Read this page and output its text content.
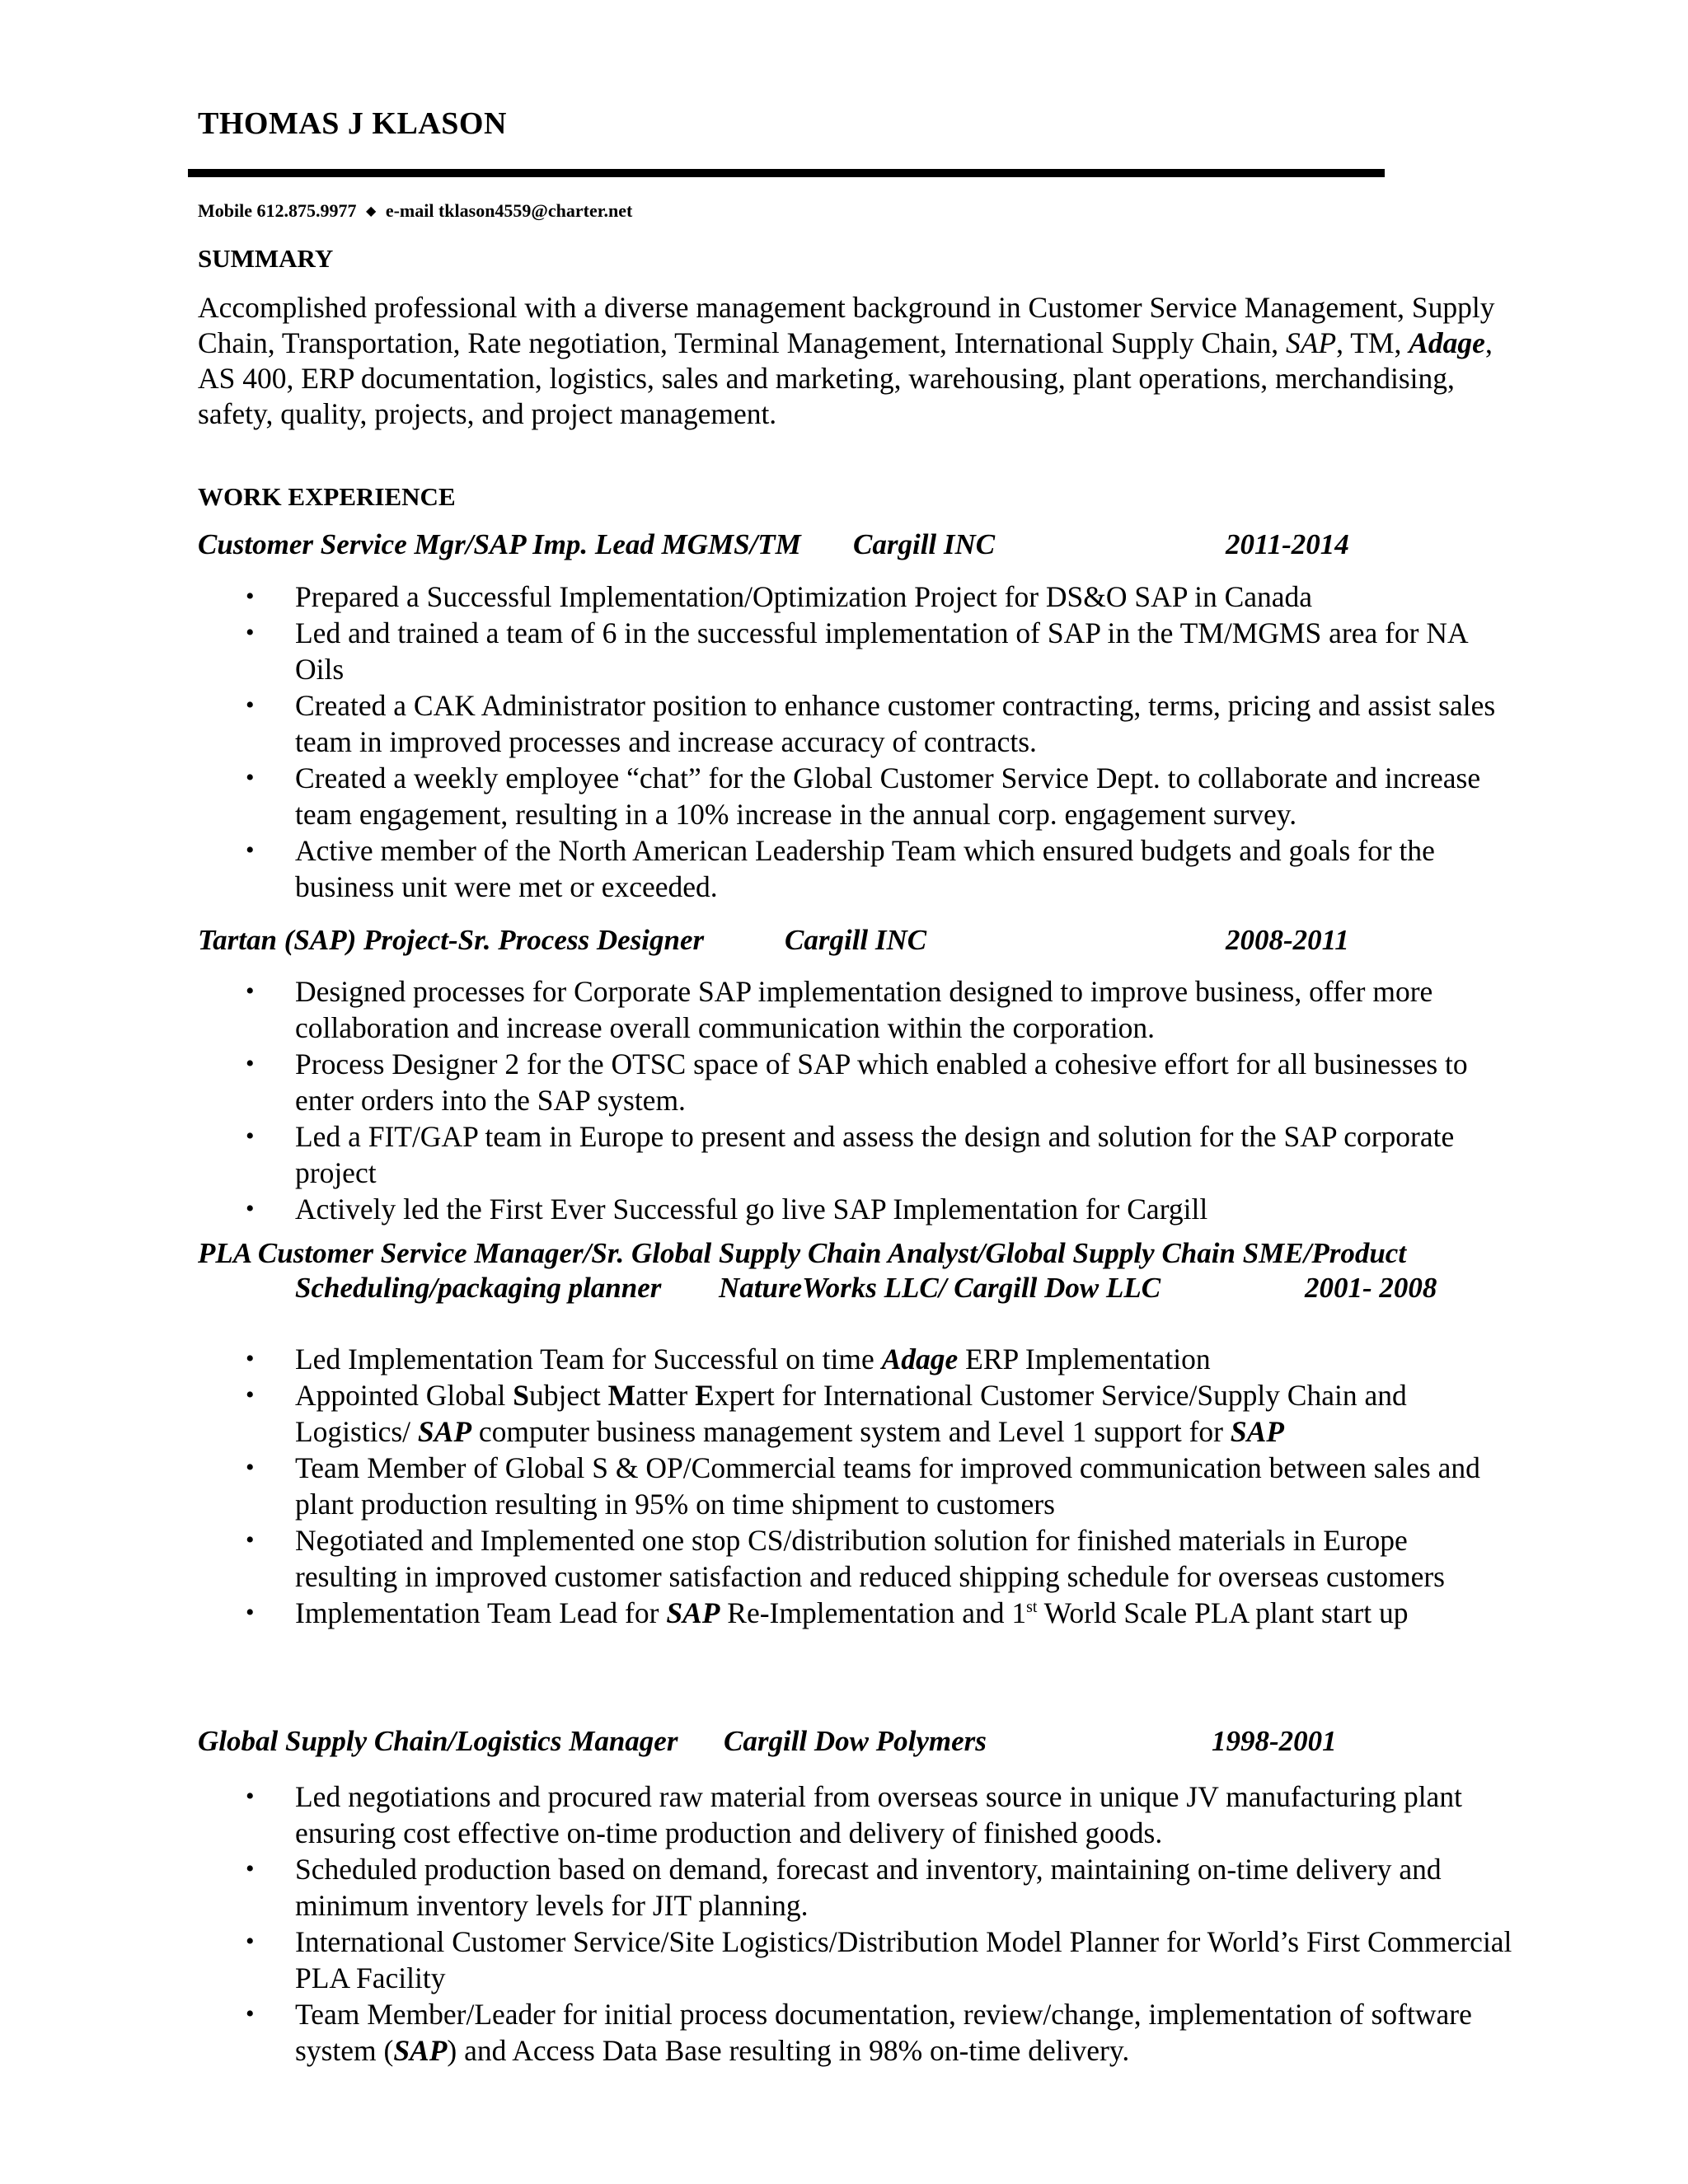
THOMAS J KLASON
Mobile 612.875.9977 ◆ e-mail tklason4559@charter.net
SUMMARY
Accomplished professional with a diverse management background in Customer Service Management, Supply Chain, Transportation, Rate negotiation, Terminal Management, International Supply Chain, SAP, TM, Adage, AS 400, ERP documentation, logistics, sales and marketing, warehousing, plant operations, merchandising, safety, quality, projects, and project management.
WORK EXPERIENCE
Customer Service Mgr/SAP Imp. Lead MGMS/TM Cargill INC	2011-2014
• Prepared a Successful Implementation/Optimization Project for DS&O SAP in Canada
• Led and trained a team of 6 in the successful implementation of SAP in the TM/MGMS area for NA Oils
• Created a CAK Administrator position to enhance customer contracting, terms, pricing and assist sales team in improved processes and increase accuracy of contracts.
• Created a weekly employee “chat” for the Global Customer Service Dept. to collaborate and increase team engagement, resulting in a 10% increase in the annual corp. engagement survey.
• Active member of the North American Leadership Team which ensured budgets and goals for the business unit were met or exceeded.
Tartan (SAP) Project-Sr. Process Designer	Cargill INC	2008-2011
• Designed processes for Corporate SAP implementation designed to improve business, offer more collaboration and increase overall communication within the corporation.
• Process Designer 2 for the OTSC space of SAP which enabled a cohesive effort for all businesses to enter orders into the SAP system.
• Led a FIT/GAP team in Europe to present and assess the design and solution for the SAP corporate project
• Actively led the First Ever Successful go live SAP Implementation for Cargill
PLA Customer Service Manager/Sr. Global Supply Chain Analyst/Global Supply Chain SME/Product
Scheduling/packaging planner NatureWorks LLC/ Cargill Dow LLC	2001- 2008
• Led Implementation Team for Successful on time Adage ERP Implementation
• Appointed Global Subject Matter Expert for International Customer Service/Supply Chain and Logistics/ SAP computer business management system and Level 1 support for SAP
• Team Member of Global S & OP/Commercial teams for improved communication between sales and plant production resulting in 95% on time shipment to customers
• Negotiated and Implemented one stop CS/distribution solution for finished materials in Europe resulting in improved customer satisfaction and reduced shipping schedule for overseas customers
• Implementation Team Lead for SAP Re-Implementation and 1st World Scale PLA plant start up
Global Supply Chain/Logistics Manager Cargill Dow Polymers	1998-2001
• Led negotiations and procured raw material from overseas source in unique JV manufacturing plant ensuring cost effective on-time production and delivery of finished goods.
• Scheduled production based on demand, forecast and inventory, maintaining on-time delivery and minimum inventory levels for JIT planning.
• International Customer Service/Site Logistics/Distribution Model Planner for World’s First Commercial PLA Facility
• Team Member/Leader for initial process documentation, review/change, implementation of software system (SAP) and Access Data Base resulting in 98% on-time delivery.
